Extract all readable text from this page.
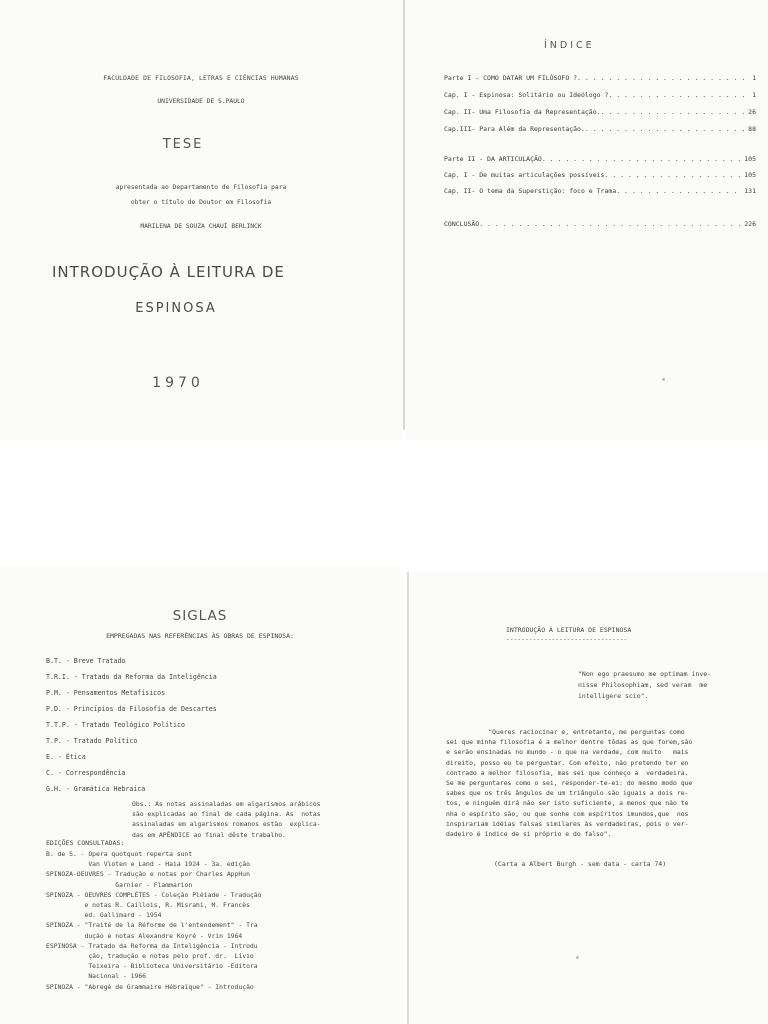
FACULDADE DE FILOSOFIA, LETRAS E CIÊNCIAS HUMANAS
UNIVERSIDADE DE S.PAULO
TESE
apresentada ao Departamento de Filosofia para
obter o título de Doutor em Filosofia
MARILENA DE SOUZA CHAUÍ BERLINCK
INTRODUÇÃO À LEITURA DE
ESPINOSA
1970
ÍNDICE
Parte I - COMO DATAR UM FILÓSOFO ? . . .	1
Cap. I - Espinosa: Solitário ou Ideólogo ? . . .	1
Cap. II- Uma Filosofia da Representação. . . .	26
Cap.III- Para Além da Representação. . . .	88
Parte II - DA ARTICULAÇÃO . . .	105
Cap. I - De muitas articulações possíveis . . .	105
Cap. II- O tema da Superstição: foco e Trama . . .	131
CONCLUSÃO . . .	226
SIGLAS
EMPREGADAS NAS REFERÊNCIAS ÀS OBRAS DE ESPINOSA:
B.T. - Breve Tratado
T.R.I. - Tratado da Reforma da Inteligência
P.M. - Pensamentos Metafísicos
P.D. - Princípios da Filosofia de Descartes
T.T.P. - Tratado Teológico Político
T.P. - Tratado Político
E. - Ética
C. - Correspondência
G.H. - Gramática Hebraica
Obs.: As notas assinaladas em algarismos arábicos
são explicadas ao final de cada página. As  notas
assinaladas em algarismos romanos estão  explica-
das em APÊNDICE ao final dêste trabalho.
EDIÇÕES CONSULTADAS:
B. de S. - Opera quotquot reperta sunt
Van Vloten e Land - Haia 1924 - 3a. edição
SPINOZA-OEUVRES - Tradução e notas por Charles AppHun
Garnier - Flammarion
SPINOZA - OEUVRES COMPLÈTES - Coleção Pléiade - Tradução
e notas R. Caillois, R. Misrahi, M. Francès
ed. Gallimard - 1954
SPINOZA - "Traité de la Réforme de l'entendement" - Tra
dução e notas Alexandre Koyré - Vrin 1964
ESPINOSA - Tratado da Reforma da Inteligência - Introdu
ção, tradução e notas pelo prof. dr.  Lívio
Teixeira - Biblioteca Universitário -Editora
Nacional - 1966
SPINOZA - "Abregé de Grammaire Hébraïque" - Introdução
INTRODUÇÃO À LEITURA DE ESPINOSA
--------------------------------
"Non ego praesumo me optimam inve-
nisse Philosophiam, sed veram  me
intelligere scio".
"Queres raciocinar e, entretanto, me perguntas como
sei que minha filosofia é a melhor dentre tôdas as que forem,são
e serão ensinadas no mundo - o que na verdade, com muito   mais
direito, posso eu te perguntar. Com efeito, não pretendo ter en
contrado a melhor filosofia, mas sei que conheço a  verdadeira.
Se me perguntares como o sei, responder-te-ei: do mesmo modo que
sabes que os três ângulos de um triângulo são iguais a dois re-
tos, e ninguém dirá não ser isto suficiente, a menos que não te
nha o espírito são, ou que sonhe com espíritos imundos,que  nos
inspirariam idéias falsas similares às verdadeiras, pois o ver-
dadeiro é índice de si próprio e do falso".
(Carta a Albert Burgh - sem data - carta 74)
